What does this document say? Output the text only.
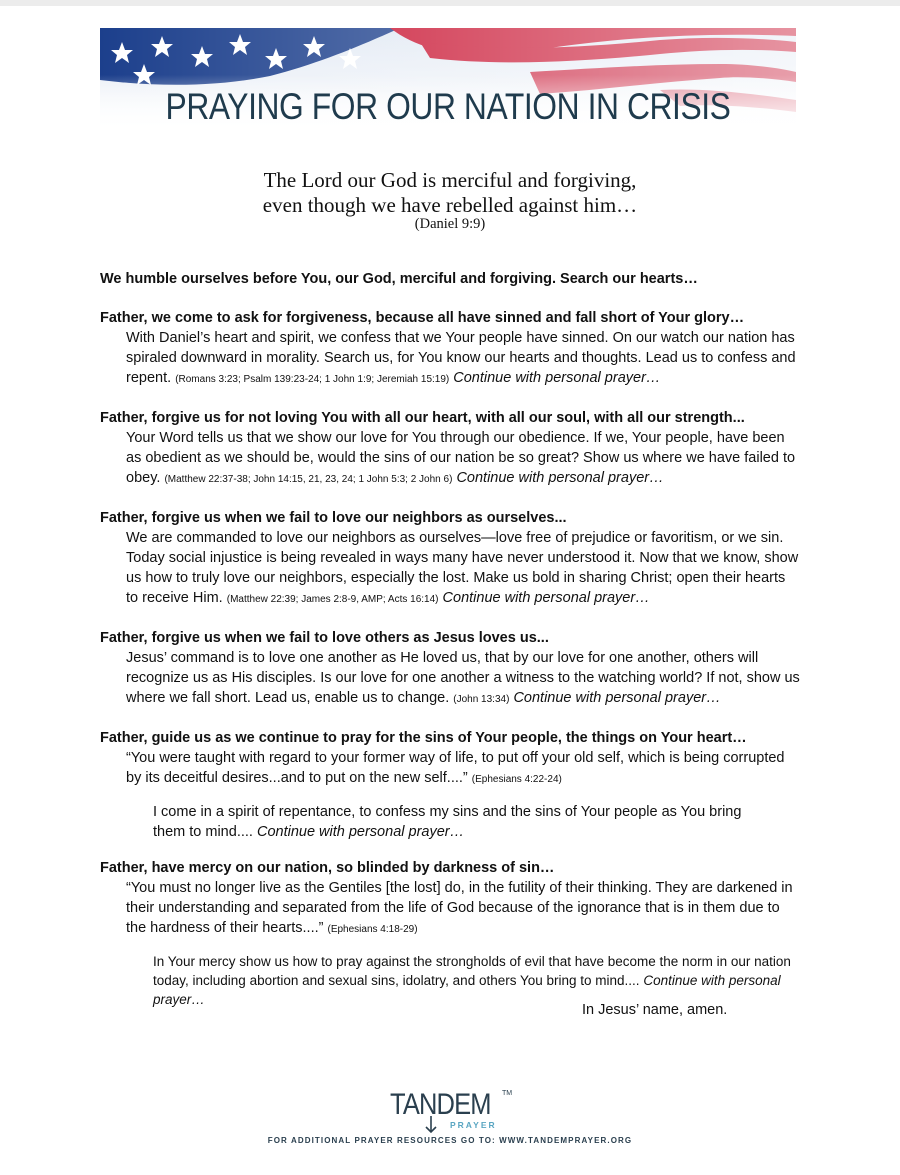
PRAYING FOR OUR NATION IN CRISIS
The Lord our God is merciful and forgiving,
even though we have rebelled against him…
(Daniel 9:9)
We humble ourselves before You, our God, merciful and forgiving. Search our hearts…
Father, we come to ask for forgiveness, because all have sinned and fall short of Your glory…
With Daniel’s heart and spirit, we confess that we Your people have sinned. On our watch our nation has spiraled downward in morality. Search us, for You know our hearts and thoughts. Lead us to confess and repent. (Romans 3:23; Psalm 139:23-24; 1 John 1:9; Jeremiah 15:19) Continue with personal prayer…
Father, forgive us for not loving You with all our heart, with all our soul, with all our strength...
Your Word tells us that we show our love for You through our obedience. If we, Your people, have been as obedient as we should be, would the sins of our nation be so great? Show us where we have failed to obey. (Matthew 22:37-38; John 14:15, 21, 23, 24; 1 John 5:3; 2 John 6) Continue with personal prayer…
Father, forgive us when we fail to love our neighbors as ourselves...
We are commanded to love our neighbors as ourselves—love free of prejudice or favoritism, or we sin. Today social injustice is being revealed in ways many have never understood it. Now that we know, show us how to truly love our neighbors, especially the lost. Make us bold in sharing Christ; open their hearts to receive Him. (Matthew 22:39; James 2:8-9, AMP; Acts 16:14) Continue with personal prayer…
Father, forgive us when we fail to love others as Jesus loves us...
Jesus’ command is to love one another as He loved us, that by our love for one another, others will recognize us as His disciples. Is our love for one another a witness to the watching world? If not, show us where we fall short. Lead us, enable us to change. (John 13:34) Continue with personal prayer…
Father, guide us as we continue to pray for the sins of Your people, the things on Your heart…
“You were taught with regard to your former way of life, to put off your old self, which is being corrupted by its deceitful desires...and to put on the new self....” (Ephesians 4:22-24)
I come in a spirit of repentance, to confess my sins and the sins of Your people as You bring them to mind.... Continue with personal prayer…
Father, have mercy on our nation, so blinded by darkness of sin…
“You must no longer live as the Gentiles [the lost] do, in the futility of their thinking. They are darkened in their understanding and separated from the life of God because of the ignorance that is in them due to the hardness of their hearts....” (Ephesians 4:18-29)
In Your mercy show us how to pray against the strongholds of evil that have become the norm in our nation today, including abortion and sexual sins, idolatry, and others You bring to mind.... Continue with personal prayer…
In Jesus’ name, amen.
TANDEM TM
PRAYER
FOR ADDITIONAL PRAYER RESOURCES GO TO: WWW.TANDEMPRAYER.ORG
